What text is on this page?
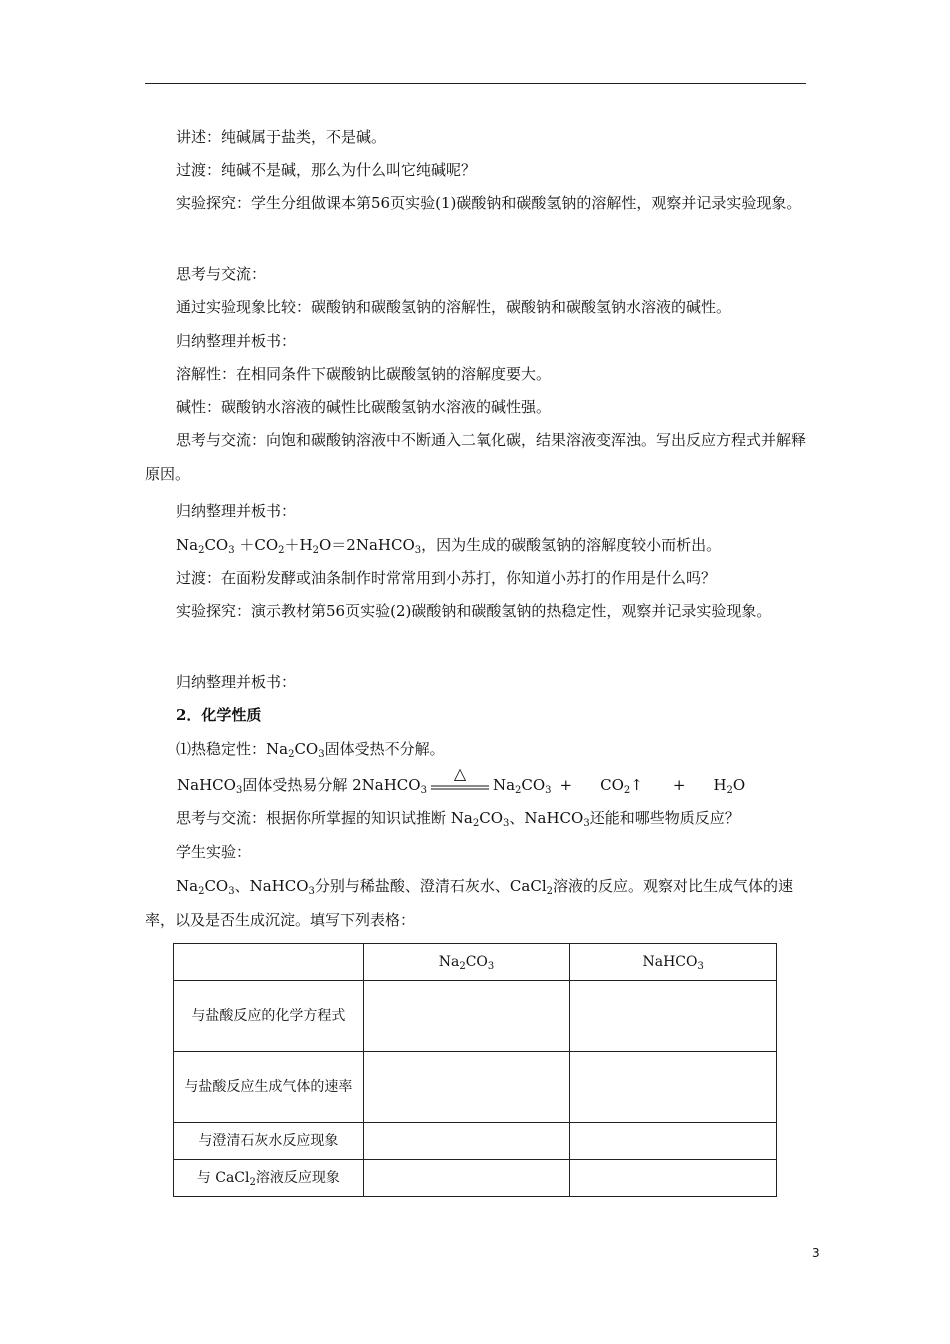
讲述：纯碱属于盐类，不是碱。
过渡：纯碱不是碱，那么为什么叫它纯碱呢？
实验探究：学生分组做课本第56页实验(1)碳酸钠和碳酸氢钠的溶解性，观察并记录实验现象。
思考与交流：
通过实验现象比较：碳酸钠和碳酸氢钠的溶解性，碳酸钠和碳酸氢钠水溶液的碱性。
归纳整理并板书：
溶解性：在相同条件下碳酸钠比碳酸氢钠的溶解度要大。
碱性：碳酸钠水溶液的碱性比碳酸氢钠水溶液的碱性强。
思考与交流：向饱和碳酸钠溶液中不断通入二氧化碳，结果溶液变浑浊。写出反应方程式并解释原因。
归纳整理并板书：
$Na_2CO_3$ $+CO_2+H_2O=2NaHCO_3$，因为生成的碳酸氢钠的溶解度较小而析出。
过渡：在面粉发酵或油条制作时常常用到小苏打，你知道小苏打的作用是什么吗？
实验探究：演示教材第56页实验(2)碳酸钠和碳酸氢钠的热稳定性，观察并记录实验现象。
归纳整理并板书：
2．化学性质
⑴热稳定性：$Na_2CO_3$固体受热不分解。
NaHCO$_3$固体受热易分解 2NaHCO$_3$
△
$Na_2CO_3$ + $CO_2↑ + H_2O$
思考与交流：根据你所掌握的知识试推断 $Na_2CO_3$、NaHCO$_3$还能和哪些物质反应？
学生实验：
$Na_2CO_3$、NaHCO$_3$分别与稀盐酸、澄清石灰水、CaCl$_2$溶液的反应。观察对比生成气体的速率，以及是否生成沉淀。填写下列表格：
	$Na_2CO_3$	NaHCO$_3$
与盐酸反应的化学方程式		
与盐酸反应生成气体的速率		
与澄清石灰水反应现象		
与 CaCl$_2$溶液反应现象		
3
